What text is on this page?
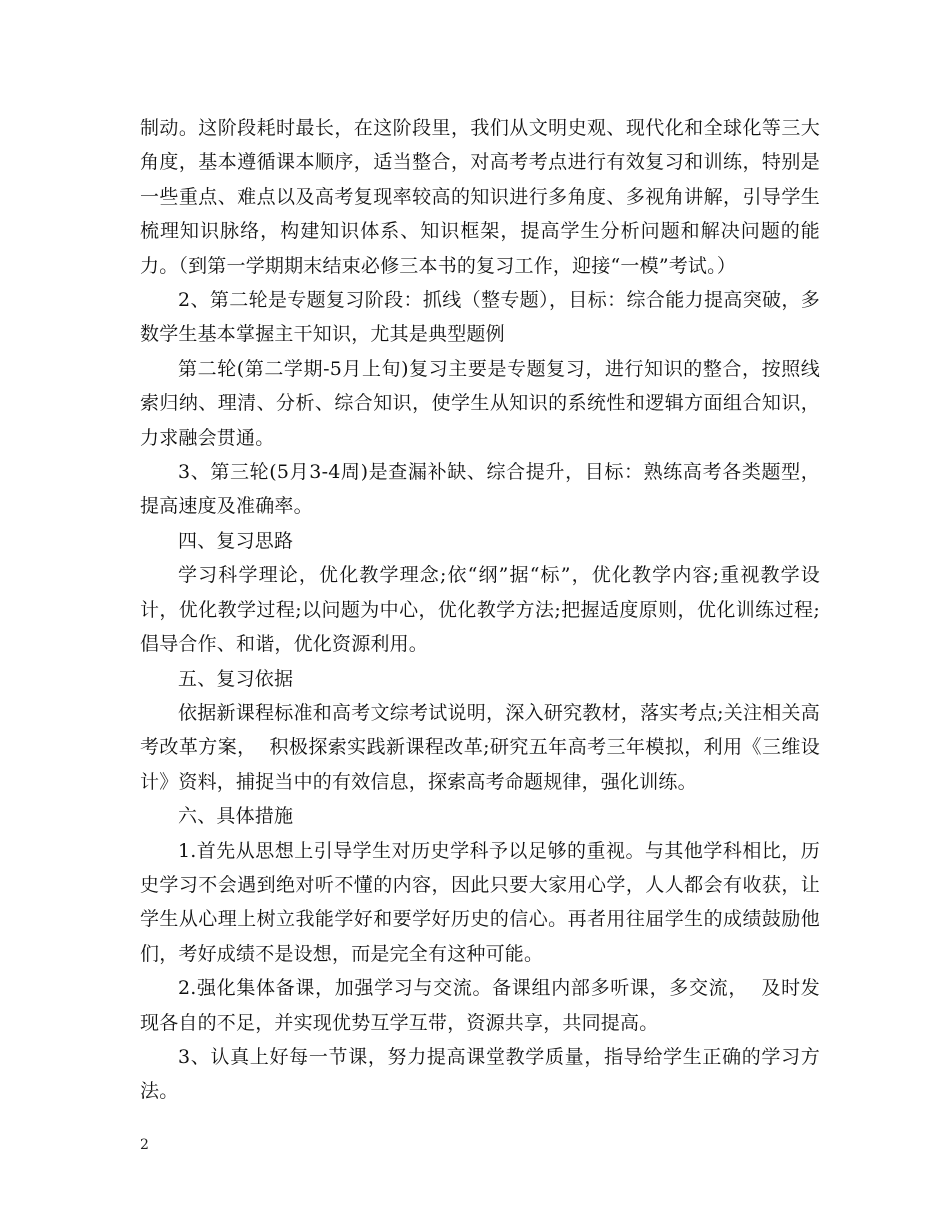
制动。这阶段耗时最长，在这阶段里，我们从文明史观、现代化和全球化等三大角度，基本遵循课本顺序，适当整合，对高考考点进行有效复习和训练，特别是一些重点、难点以及高考复现率较高的知识进行多角度、多视角讲解，引导学生梳理知识脉络，构建知识体系、知识框架，提高学生分析问题和解决问题的能力。（到第一学期期末结束必修三本书的复习工作，迎接“一模”考试。）

2、第二轮是专题复习阶段：抓线（整专题），目标：综合能力提高突破，多数学生基本掌握主干知识，尤其是典型题例

第二轮(第二学期-5月上旬)复习主要是专题复习，进行知识的整合，按照线索归纳、理清、分析、综合知识，使学生从知识的系统性和逻辑方面组合知识，力求融会贯通。

3、第三轮(5月3-4周)是查漏补缺、综合提升，目标：熟练高考各类题型，提高速度及准确率。

四、复习思路

学习科学理论，优化教学理念;依“纲”据“标”，优化教学内容;重视教学设计，优化教学过程;以问题为中心，优化教学方法;把握适度原则，优化训练过程;倡导合作、和谐，优化资源利用。

五、复习依据

依据新课程标准和高考文综考试说明，深入研究教材，落实考点;关注相关高考改革方案，  积极探索实践新课程改革;研究五年高考三年模拟，利用《三维设计》资料，捕捉当中的有效信息，探索高考命题规律，强化训练。

六、具体措施

1.首先从思想上引导学生对历史学科予以足够的重视。与其他学科相比，历史学习不会遇到绝对听不懂的内容，因此只要大家用心学，人人都会有收获，让学生从心理上树立我能学好和要学好历史的信心。再者用往届学生的成绩鼓励他们，考好成绩不是设想，而是完全有这种可能。

2.强化集体备课，加强学习与交流。备课组内部多听课，多交流，  及时发现各自的不足，并实现优势互学互带，资源共享，共同提高。

3、认真上好每一节课，努力提高课堂教学质量，指导给学生正确的学习方法。

2
